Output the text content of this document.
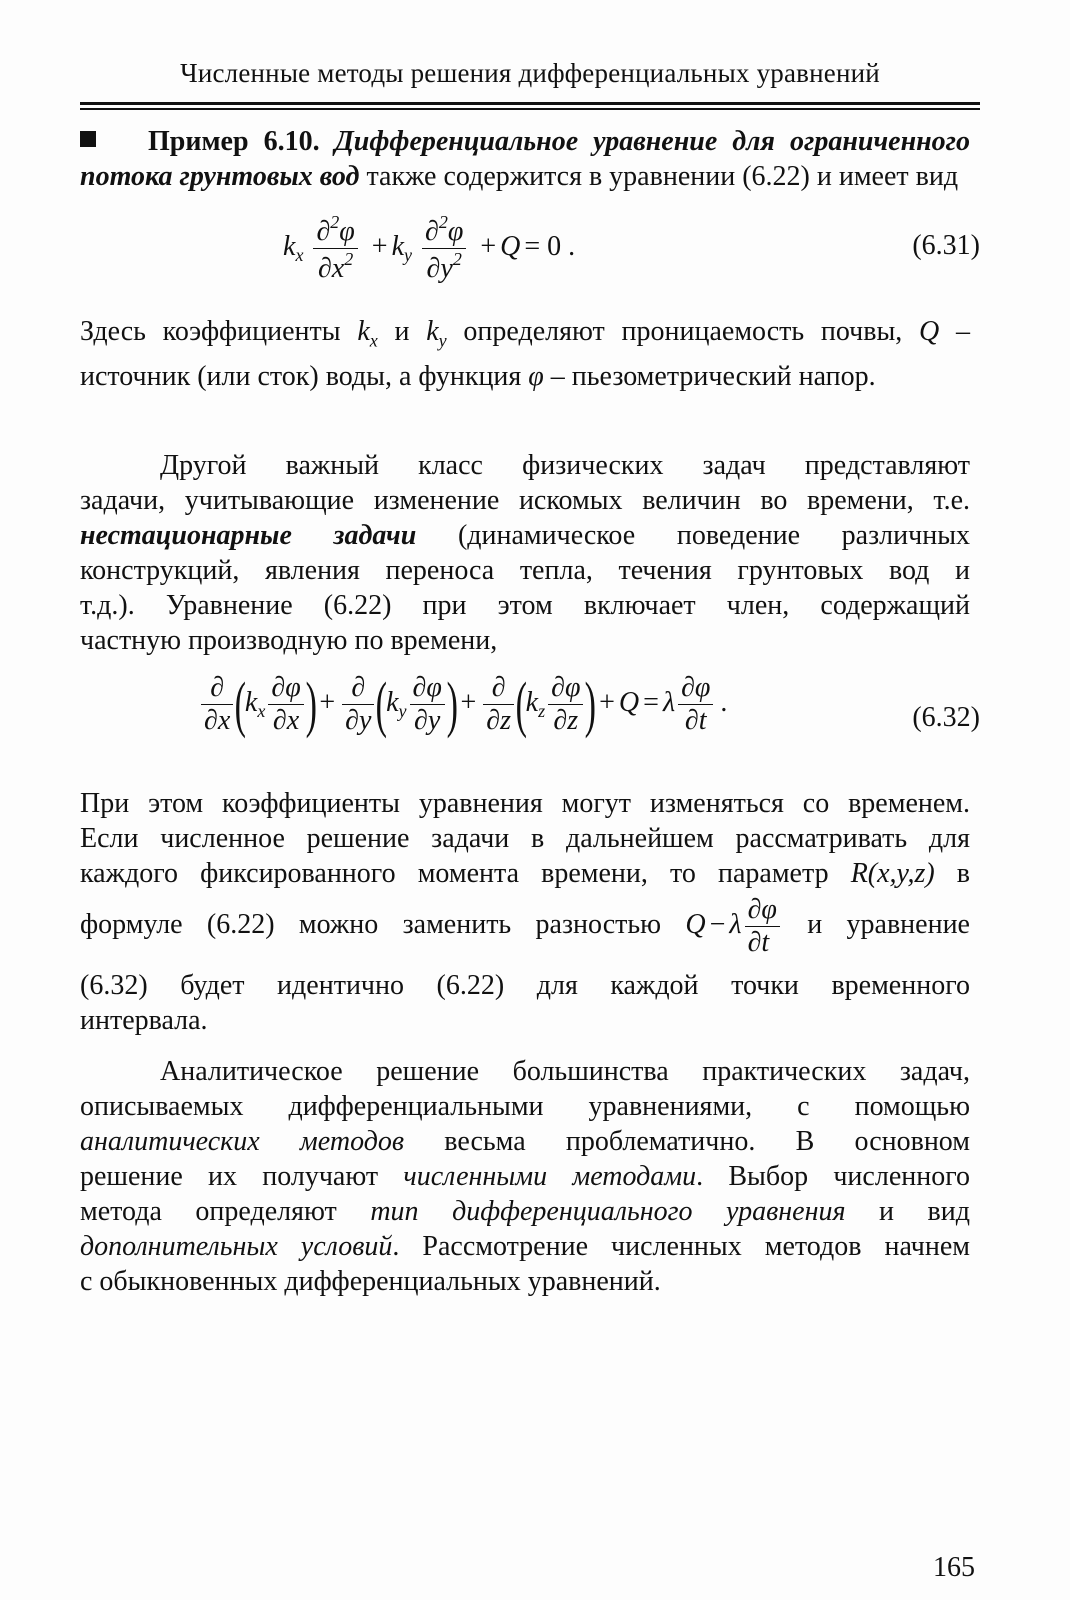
Численные методы решения дифференциальных уравнений
Пример 6.10. Дифференциальное уравнение для ограниченного
потока грунтовых вод также содержится в уравнении (6.22) и имеет вид
$k_x \frac{\partial^2\varphi}{\partial x^2} + k_y \frac{\partial^2\varphi}{\partial y^2} + Q = 0$ .	(6.31)
Здесь коэффициенты $k_x$ и $k_y$ определяют проницаемость почвы, Q –
источник (или сток) воды, а функция φ – пьезометрический напор.
Другой важный класс физических задач представляют
задачи, учитывающие изменение искомых величин во времени, т.е.
нестационарные задачи (динамическое поведение различных
конструкций, явления переноса тепла, течения грунтовых вод и
т.д.). Уравнение (6.22) при этом включает член, содержащий
частную производную по времени,
$\frac{\partial}{\partial x} (k_x \frac{\partial\varphi}{\partial x}$ )+ $\frac{\partial}{\partial y} (k_y \frac{\partial\varphi}{\partial y}$ )+ $\frac{\partial}{\partial z} (k_z \frac{\partial\varphi}{\partial z}$ )+ Q = λ $\frac{\partial\varphi}{\partial t}$ .	(6.32)
При этом коэффициенты уравнения могут изменяться со временем.
Если численное решение задачи в дальнейшем рассматривать для
каждого фиксированного момента времени, то параметр R(x,y,z) в
формуле (6.22) можно заменить разностью Q − λ $\frac{\partial\varphi}{\partial t}$ и уравнение
(6.32) будет идентично (6.22) для каждой точки временного
интервала.
Аналитическое решение большинства практических задач,
описываемых дифференциальными уравнениями, с помощью
аналитических методов весьма проблематично. В основном
решение их получают численными методами. Выбор численного
метода определяют тип дифференциального уравнения и вид
дополнительных условий. Рассмотрение численных методов начнем
с обыкновенных дифференциальных уравнений.
165
